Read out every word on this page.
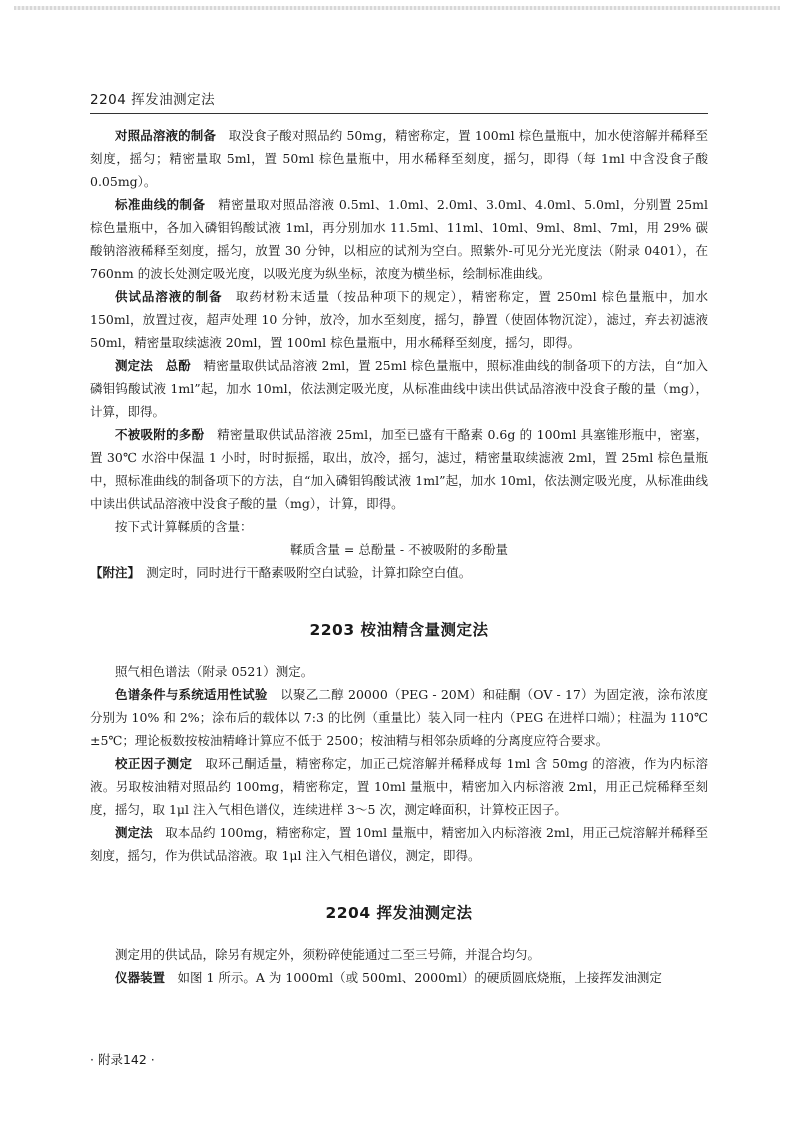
2204 挥发油测定法

对照品溶液的制备　 取没食子酸对照品约 50mg，精密称定，置 100ml 棕色量瓶中，加水使溶解并稀释至刻度，摇匀；精密量取 5ml，置 50ml 棕色量瓶中，用水稀释至刻度，摇匀，即得（每 1ml 中含没食子酸 0.05mg）。

标准曲线的制备　 精密量取对照品溶液 0.5ml、1.0ml、2.0ml、3.0ml、4.0ml、5.0ml，分别置 25ml 棕色量瓶中，各加入磷钼钨酸试液 1ml，再分别加水 11.5ml、11ml、10ml、9ml、8ml、7ml，用 29% 碳酸钠溶液稀释至刻度，摇匀，放置 30 分钟，以相应的试剂为空白。照紫外-可见分光光度法（附录 0401），在 760nm 的波长处测定吸光度，以吸光度为纵坐标，浓度为横坐标，绘制标准曲线。

供试品溶液的制备　 取药材粉末适量（按品种项下的规定），精密称定，置 250ml 棕色量瓶中，加水 150ml，放置过夜，超声处理 10 分钟，放冷，加水至刻度，摇匀，静置（使固体物沉淀），滤过，弃去初滤液 50ml，精密量取续滤液 20ml，置 100ml 棕色量瓶中，用水稀释至刻度，摇匀，即得。

测定法　总酚　 精密量取供试品溶液 2ml，置 25ml 棕色量瓶中，照标准曲线的制备项下的方法，自“加入磷钼钨酸试液 1ml”起，加水 10ml，依法测定吸光度，从标准曲线中读出供试品溶液中没食子酸的量（mg），计算，即得。

不被吸附的多酚　 精密量取供试品溶液 25ml，加至已盛有干酪素 0.6g 的 100ml 具塞锥形瓶中，密塞，置 30℃ 水浴中保温 1 小时，时时振摇，取出，放冷，摇匀，滤过，精密量取续滤液 2ml，置 25ml 棕色量瓶中，照标准曲线的制备项下的方法，自“加入磷钼钨酸试液 1ml”起，加水 10ml，依法测定吸光度，从标准曲线中读出供试品溶液中没食子酸的量（mg），计算，即得。

按下式计算鞣质的含量：

鞣质含量 = 总酚量 - 不被吸附的多酚量

【附注】　 测定时，同时进行干酪素吸附空白试验，计算扣除空白值。

2203 桉油精含量测定法

照气相色谱法（附录 0521）测定。

色谱条件与系统适用性试验　 以聚乙二醇 20000（PEG - 20M）和硅酮（OV - 17）为固定液，涂布浓度分别为 10% 和 2%；涂布后的载体以 7:3 的比例（重量比）装入同一柱内（PEG 在进样口端）；柱温为 110℃ ±5℃；理论板数按桉油精峰计算应不低于 2500；桉油精与相邻杂质峰的分离度应符合要求。

校正因子测定　 取环己酮适量，精密称定，加正己烷溶解并稀释成每 1ml 含 50mg 的溶液，作为内标溶液。另取桉油精对照品约 100mg，精密称定，置 10ml 量瓶中，精密加入内标溶液 2ml，用正己烷稀释至刻度，摇匀，取 1μl 注入气相色谱仪，连续进样 3～5 次，测定峰面积，计算校正因子。

测定法　 取本品约 100mg，精密称定，置 10ml 量瓶中，精密加入内标溶液 2ml，用正己烷溶解并稀释至刻度，摇匀，作为供试品溶液。取 1μl 注入气相色谱仪，测定，即得。

2204 挥发油测定法

测定用的供试品，除另有规定外，须粉碎使能通过二至三号筛，并混合均匀。

仪器装置　 如图 1 所示。A 为 1000ml（或 500ml、2000ml）的硬质圆底烧瓶，上接挥发油测定

· 附录142 ·
